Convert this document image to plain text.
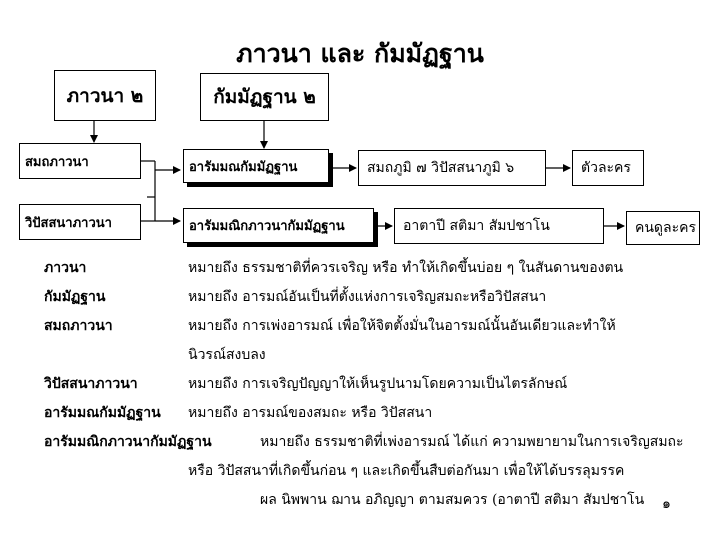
ภาวนา และ กัมมัฏฐาน
ภาวนา ๒	กัมมัฏฐาน ๒
สมถภาวนา
วิปัสสนาภาวนา
อารัมมณกัมมัฏฐาน
อารัมมณิกภาวนากัมมัฏฐาน
สมถภูมิ ๗ วิปัสสนาภูมิ ๖
อาตาปี สติมา สัมปชาโน
ตัวละคร
คนดูละคร
ภาวนา	หมายถึง ธรรมชาติที่ควรเจริญ หรือ ทำให้เกิดขึ้นบ่อย ๆ ในสันดานของตน
กัมมัฏฐาน	หมายถึง อารมณ์อันเป็นที่ตั้งแห่งการเจริญสมถะหรือวิปัสสนา
สมถภาวนา	หมายถึง การเพ่งอารมณ์ เพื่อให้จิตตั้งมั่นในอารมณ์นั้นอันเดียวและทำให้
นิวรณ์สงบลง
วิปัสสนาภาวนา	หมายถึง การเจริญปัญญาให้เห็นรูปนามโดยความเป็นไตรลักษณ์
อารัมมณกัมมัฏฐาน หมายถึง อารมณ์ของสมถะ หรือ วิปัสสนา
อารัมมณิกภาวนากัมมัฏฐาน	หมายถึง ธรรมชาติที่เพ่งอารมณ์ ได้แก่ ความพยายามในการเจริญสมถะ
หรือ วิปัสสนาที่เกิดขึ้นก่อน ๆ และเกิดขึ้นสืบต่อกันมา เพื่อให้ได้บรรลุมรรค
ผล นิพพาน ฌาน อภิญญา ตามสมควร (อาตาปี สติมา สัมปชาโน ๑
